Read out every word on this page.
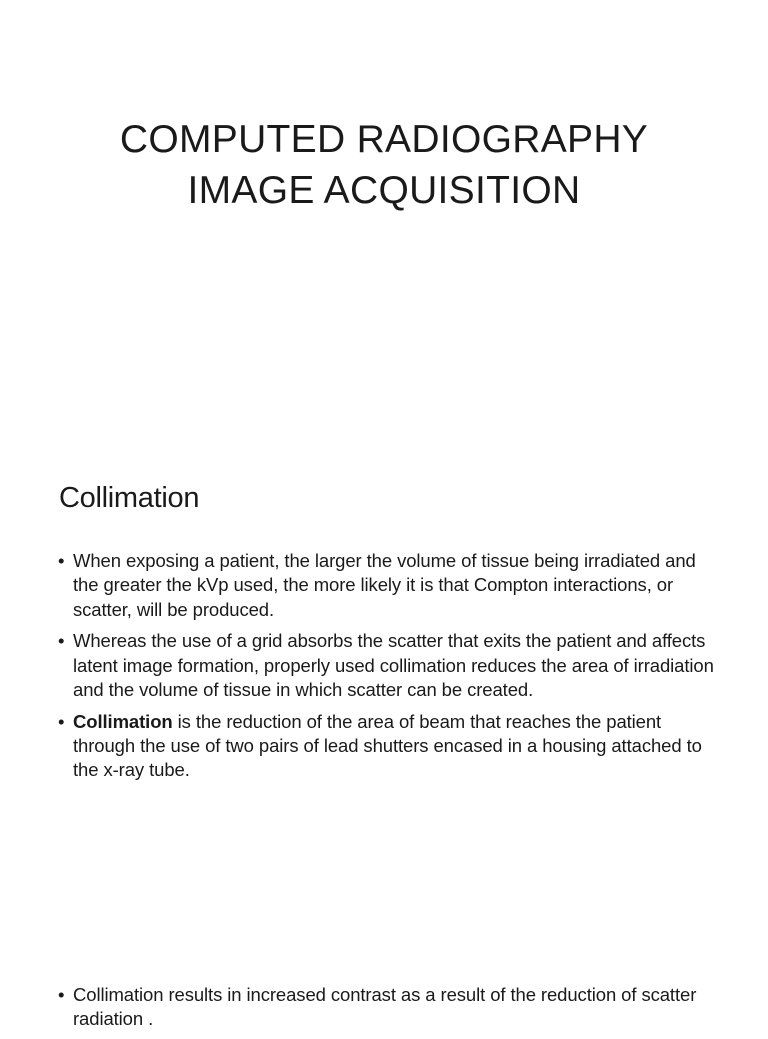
COMPUTED RADIOGRAPHY
IMAGE ACQUISITION
Collimation
• When exposing a patient, the larger the volume of tissue being irradiated and the greater the kVp used, the more likely it is that Compton interactions, or scatter, will be produced.
• Whereas the use of a grid absorbs the scatter that exits the patient and affects latent image formation, properly used collimation reduces the area of irradiation and the volume of tissue in which scatter can be created.
• Collimation is the reduction of the area of beam that reaches the patient through the use of two pairs of lead shutters encased in a housing attached to the x-ray tube.
• Collimation results in increased contrast as a result of the reduction of scatter radiation .
